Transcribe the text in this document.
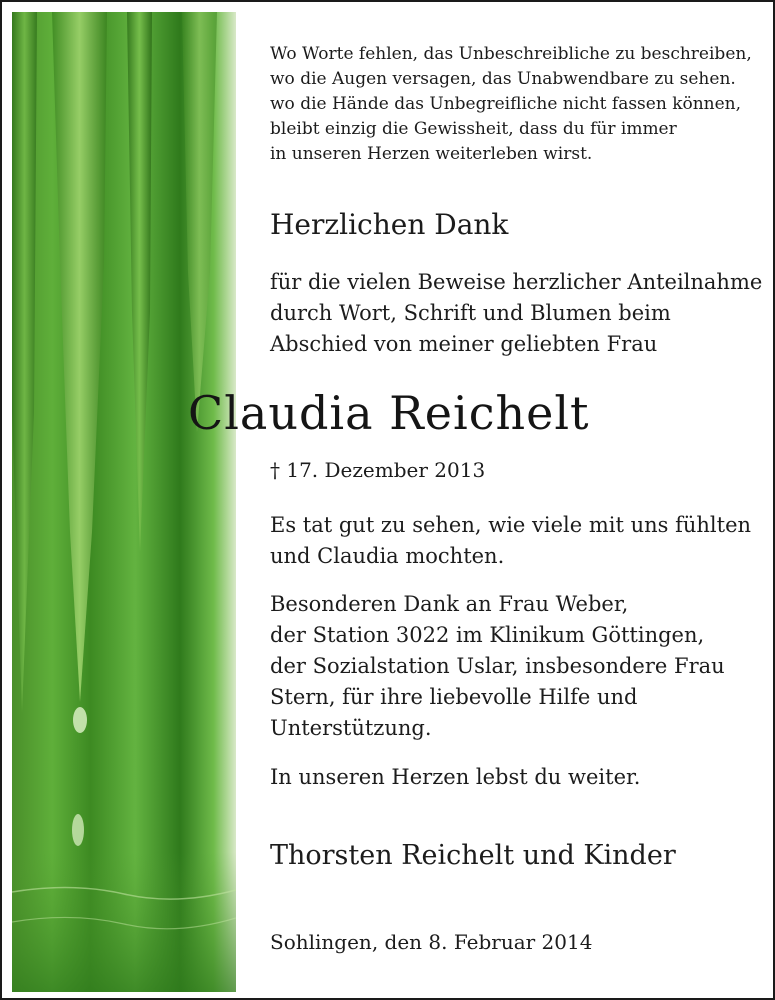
Wo Worte fehlen, das Unbeschreibliche zu beschreiben,
wo die Augen versagen, das Unabwendbare zu sehen.
wo die Hände das Unbegreifliche nicht fassen können,
bleibt einzig die Gewissheit, dass du für immer
in unseren Herzen weiterleben wirst.
Herzlichen Dank
für die vielen Beweise herzlicher Anteilnahme
durch Wort, Schrift und Blumen beim
Abschied von meiner geliebten Frau
Claudia Reichelt
† 17. Dezember 2013
Es tat gut zu sehen, wie viele mit uns fühlten
und Claudia mochten.
Besonderen Dank an Frau Weber,
der Station 3022 im Klinikum Göttingen,
der Sozialstation Uslar, insbesondere Frau
Stern, für ihre liebevolle Hilfe und
Unterstützung.
In unseren Herzen lebst du weiter.
Thorsten Reichelt und Kinder
Sohlingen, den 8. Februar 2014
